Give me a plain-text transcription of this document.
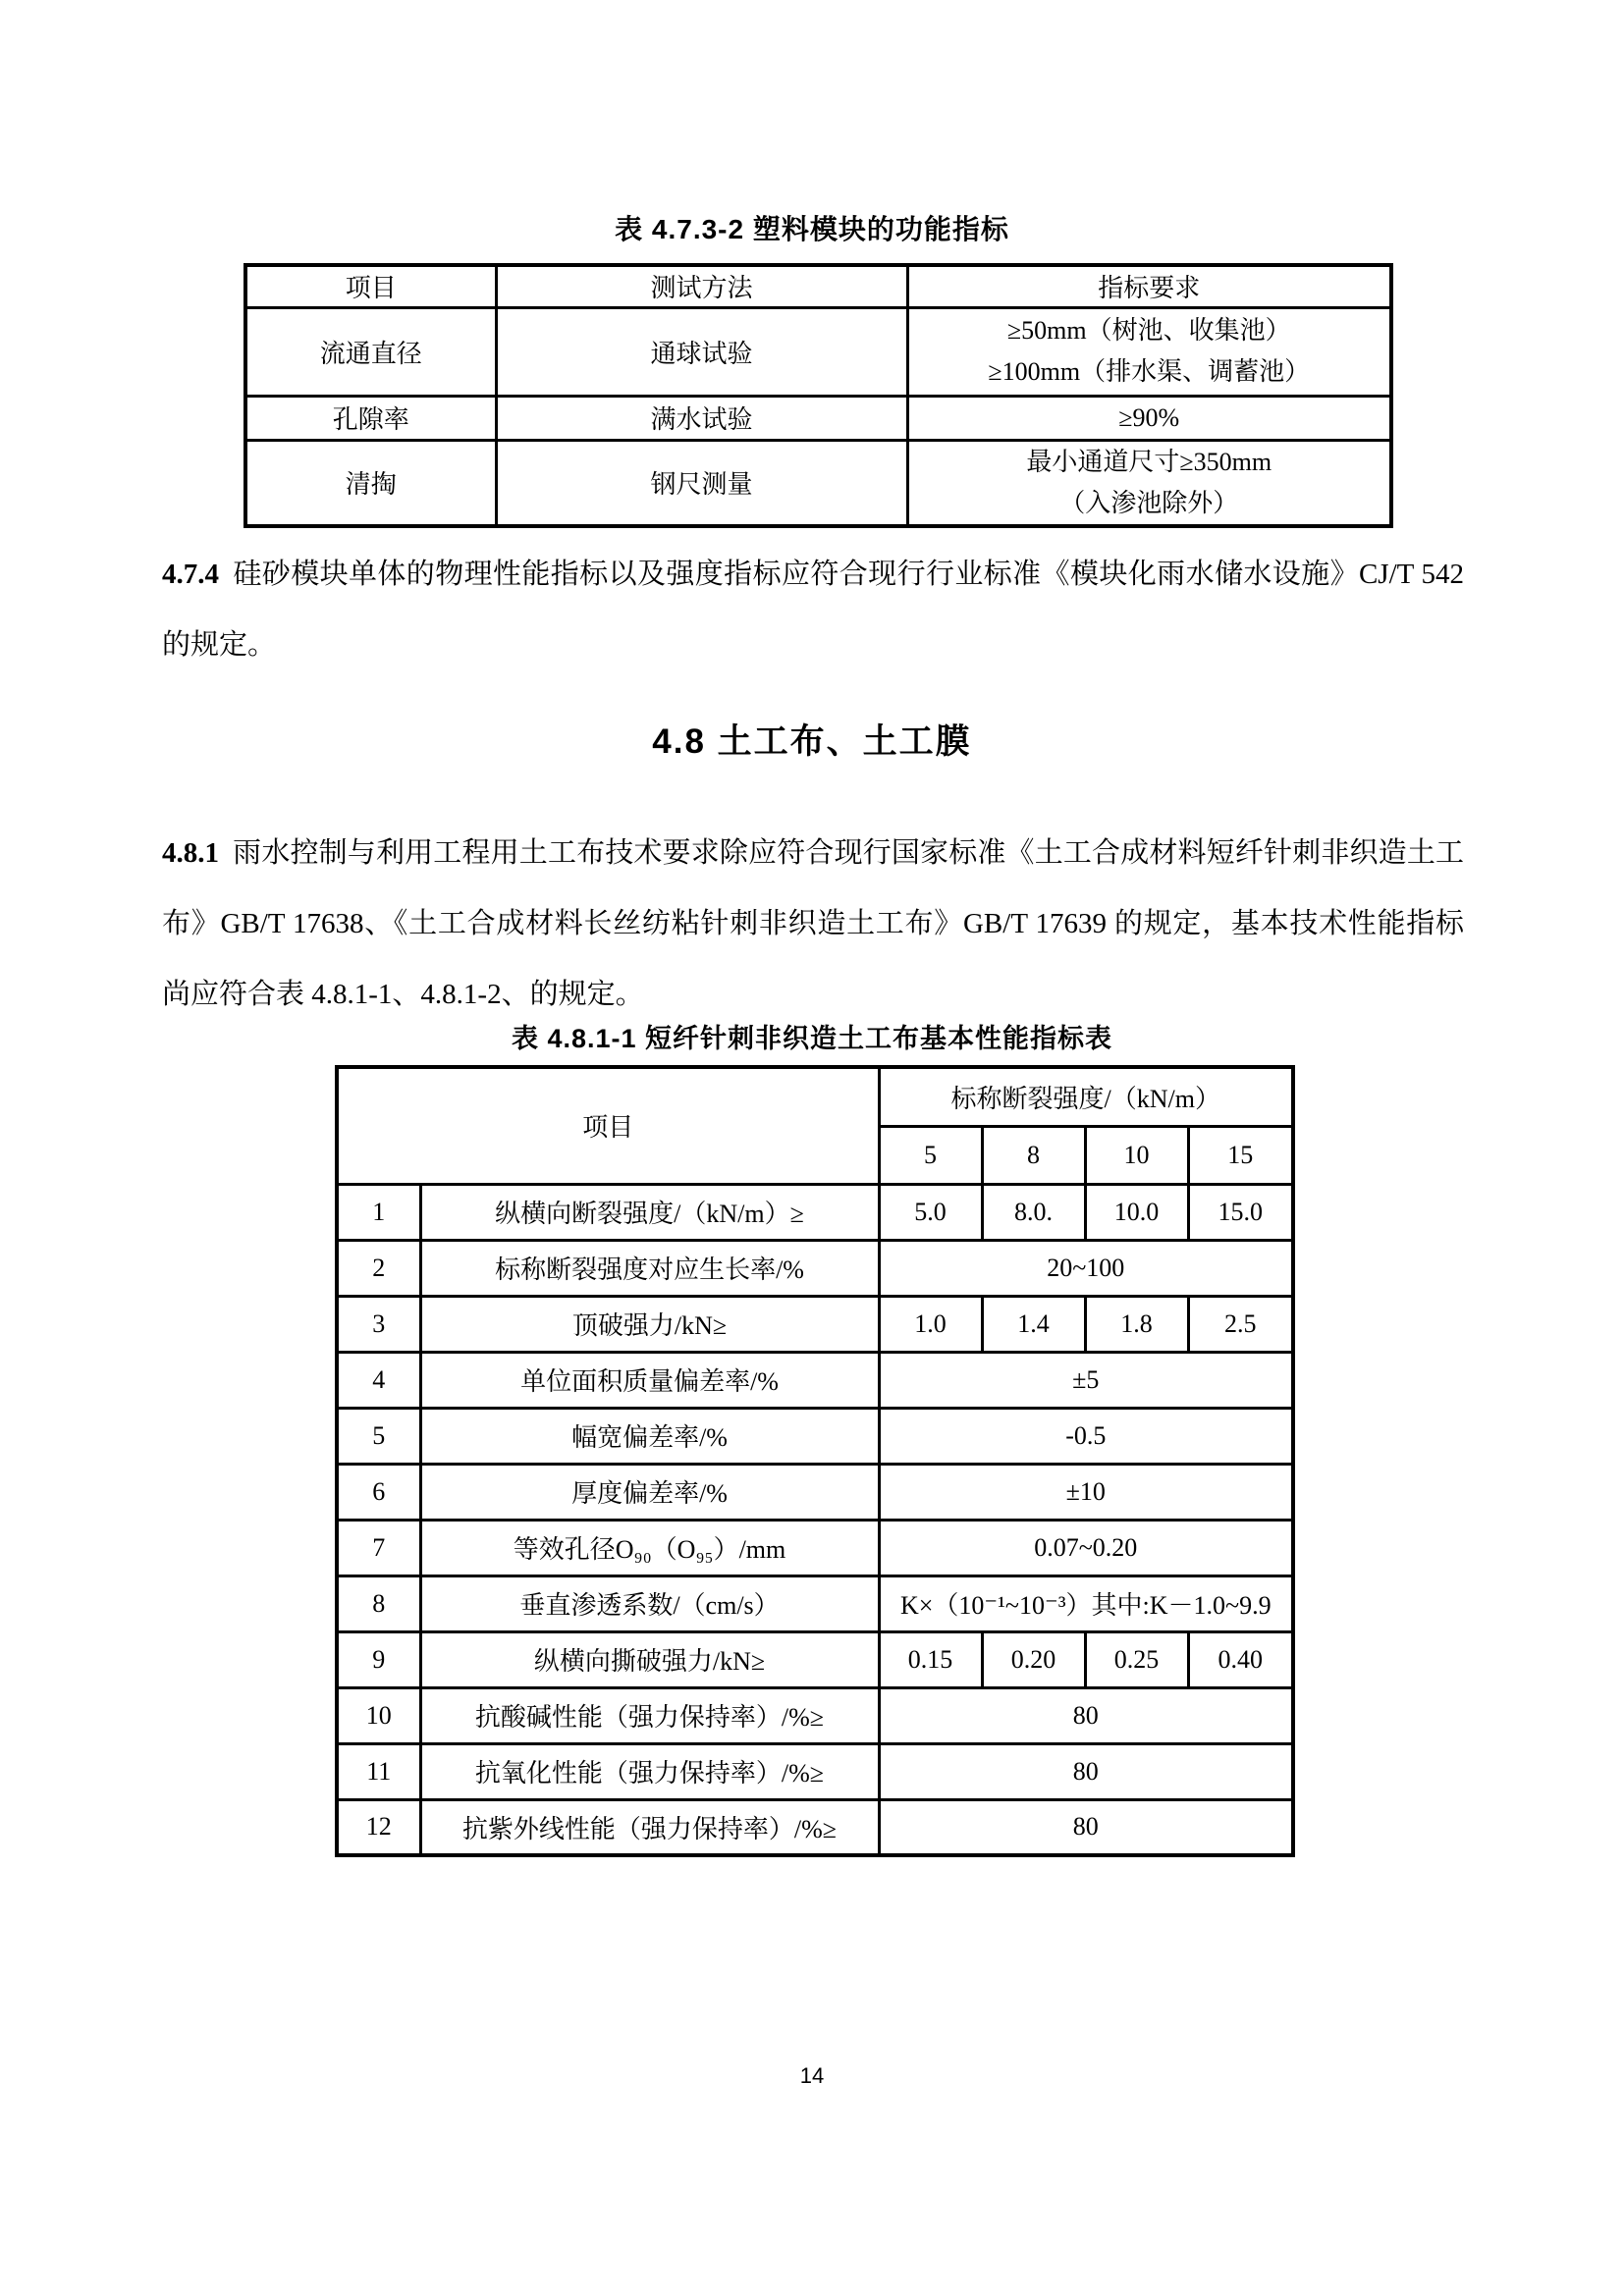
表 4.7.3-2 塑料模块的功能指标
项目	测试方法	指标要求
流通直径	通球试验	≥50mm（树池、收集池）
≥100mm（排水渠、调蓄池）

孔隙率	满水试验	≥90%
清掏	钢尺测量	最小通道尺寸≥350mm
（入渗池除外）

4.7.4 硅砂模块单体的物理性能指标以及强度指标应符合现行行业标准《模块化雨水储水设施》CJ/T 542 的规定。

4.8 土工布、土工膜

4.8.1 雨水控制与利用工程用土工布技术要求除应符合现行国家标准《土工合成材料短纤针刺非织造土工布》GB/T 17638、《土工合成材料长丝纺粘针刺非织造土工布》GB/T 17639 的规定，基本技术性能指标尚应符合表 4.8.1-1、4.8.1-2、的规定。

表 4.8.1-1 短纤针刺非织造土工布基本性能指标表
项目		标称断裂强度/（kN/m）			
		5	8	10	15
1	纵横向断裂强度/（kN/m）≥	5.0	8.0.	10.0	15.0
2	标称断裂强度对应生长率/%	20~100			
3	顶破强力/kN≥	1.0	1.4	1.8	2.5
4	单位面积质量偏差率/%	±5			
5	幅宽偏差率/%	-0.5			
6	厚度偏差率/%	±10			
7	等效孔径O₉₀（O₉₅）/mm	0.07~0.20			
8	垂直渗透系数/（cm/s）	K×（10⁻¹~10⁻³）其中:K－1.0~9.9			
9	纵横向撕破强力/kN≥	0.15	0.20	0.25	0.40
10	抗酸碱性能（强力保持率）/%≥	80			
11	抗氧化性能（强力保持率）/%≥	80			
12	抗紫外线性能（强力保持率）/%≥	80			
14
